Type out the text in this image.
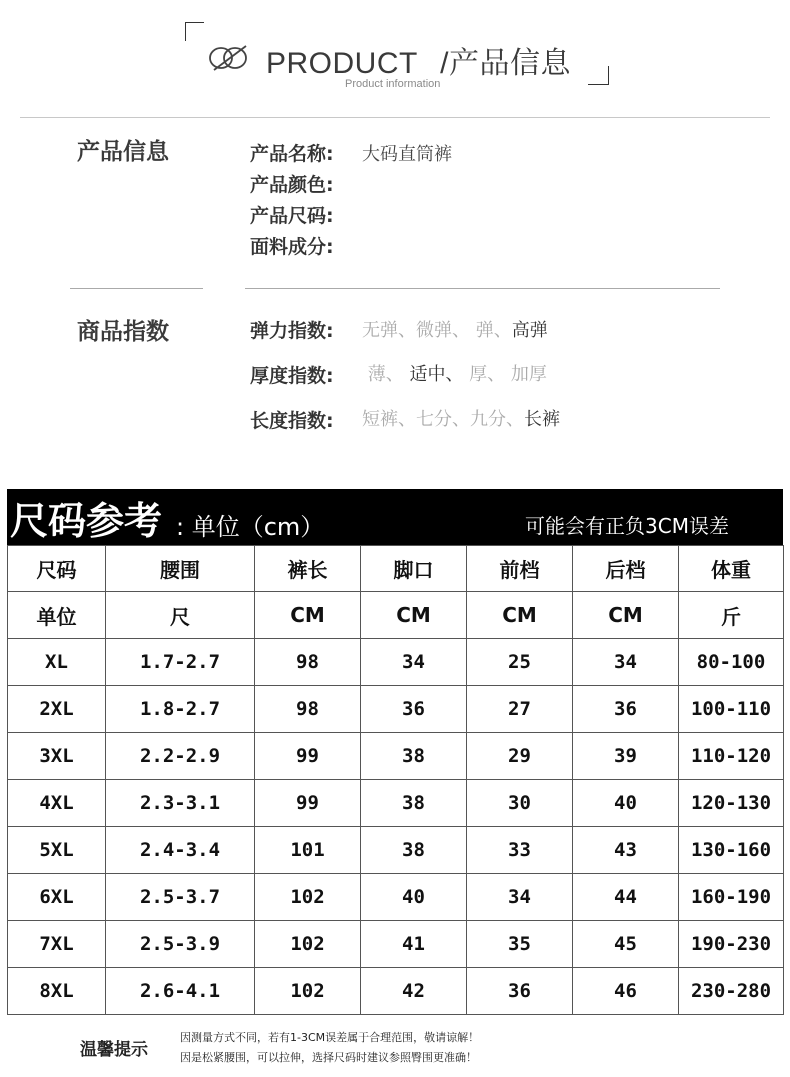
PRODUCT /产品信息
Product information
产品信息	产品名称: 大码直筒裤
产品颜色:
产品尺码:
面料成分:
商品指数	弹力指数: 无弹、微弹、 弹、高弹
厚度指数: 薄、 适中、 厚、 加厚
长度指数: 短裤、七分、九分、长裤
尺码参考 : 单位（cm）	可能会有正负3CM误差
尺码	腰围	裤长	脚口	前档	后档	体重
单位	尺	CM	CM	CM	CM	斤
XL	1.7-2.7	98	34	25	34	80-100
2XL	1.8-2.7	98	36	27	36	100-110
3XL	2.2-2.9	99	38	29	39	110-120
4XL	2.3-3.1	99	38	30	40	120-130
5XL	2.4-3.4	101	38	33	43	130-160
6XL	2.5-3.7	102	40	34	44	160-190
7XL	2.5-3.9	102	41	35	45	190-230
8XL	2.6-4.1	102	42	36	46	230-280
温馨提示
因测量方式不同，若有1-3CM误差属于合理范围，敬请谅解！
因是松紧腰围，可以拉伸，选择尺码时建议参照臀围更准确！
